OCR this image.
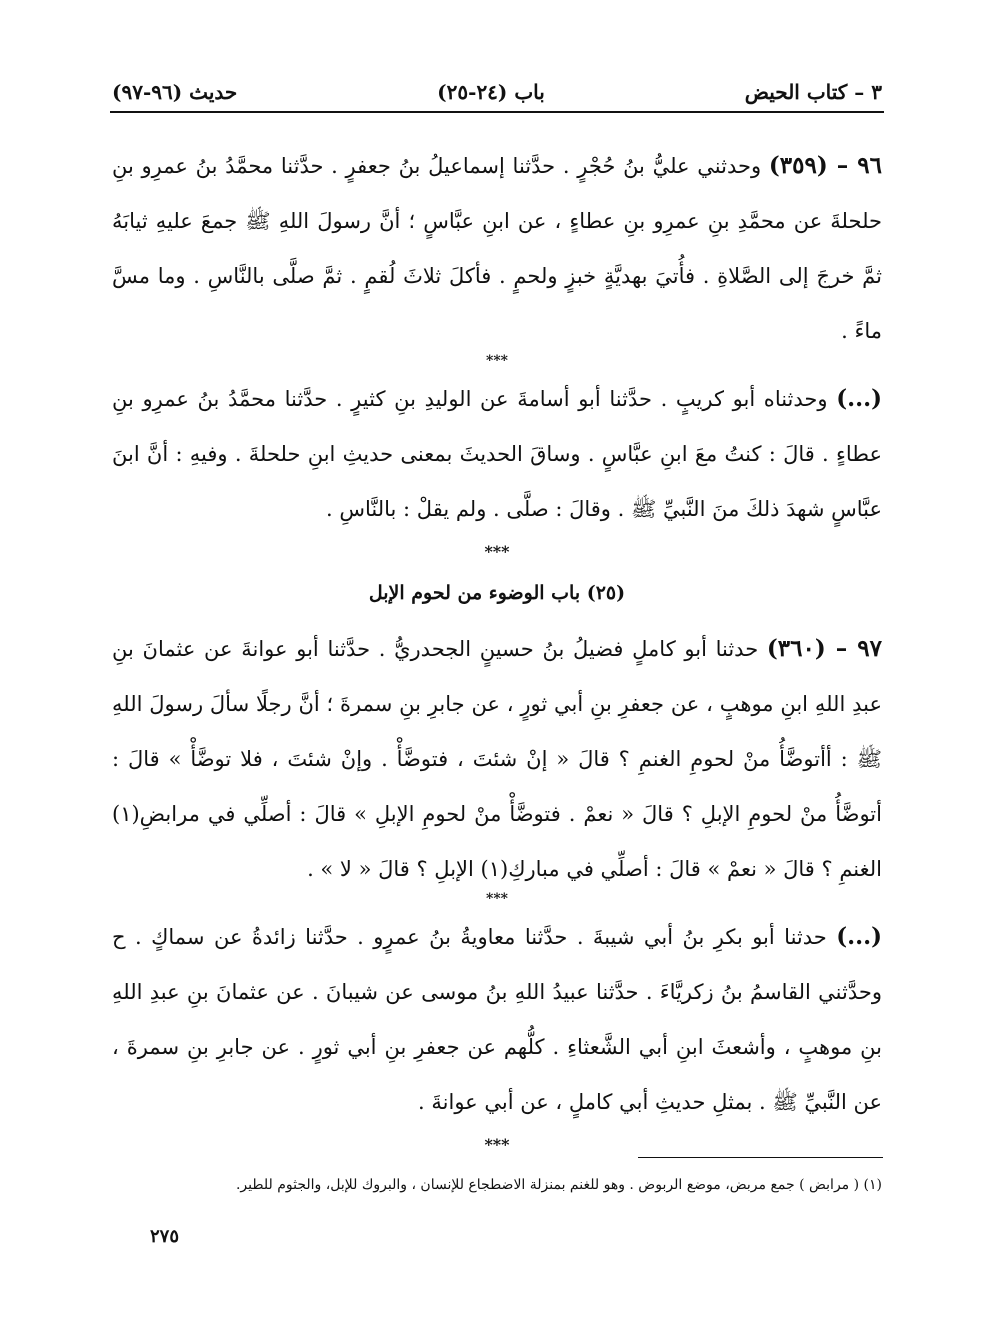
حديث (٩٦-٩٧)	باب (٢٤-٢٥)	٣ – كتاب الحيض

٩٦ – (٣٥٩) وحدثني عليُّ بنُ حُجْرٍ . حدَّثنا إسماعيلُ بنُ جعفرٍ . حدَّثنا محمَّدُ بنُ عمرِو بنِ حلحلةَ عن محمَّدِ بنِ عمرِو بنِ عطاءٍ ، عن ابنِ عبَّاسٍ ؛ أنَّ رسولَ اللهِ ﷺ جمعَ عليهِ ثيابَهُ ثمَّ خرجَ إلى الصَّلاةِ . فأُتيَ بهديَّةٍ خبزٍ ولحمٍ . فأكلَ ثلاثَ لُقمٍ . ثمَّ صلَّى بالنَّاسِ . وما مسَّ ماءً .

***

(...) وحدثناه أبو كريبٍ . حدَّثنا أبو أسامةَ عن الوليدِ بنِ كثيرٍ . حدَّثنا محمَّدُ بنُ عمرِو بنِ عطاءٍ . قالَ : كنتُ معَ ابنِ عبَّاسٍ . وساقَ الحديثَ بمعنى حديثِ ابنِ حلحلةَ . وفيهِ : أنَّ ابنَ عبَّاسٍ شهدَ ذلكَ منَ النَّبيِّ ﷺ . وقالَ : صلَّى . ولم يقلْ : بالنَّاسِ .

***
(٢٥) باب الوضوء من لحوم الإبل

٩٧ – (٣٦٠) حدثنا أبو كاملٍ فضيلُ بنُ حسينٍ الجحدريُّ . حدَّثنا أبو عوانةَ عن عثمانَ بنِ عبدِ اللهِ ابنِ موهبٍ ، عن جعفرِ بنِ أبي ثورٍ ، عن جابرِ بنِ سمرةَ ؛ أنَّ رجلًا سألَ رسولَ اللهِ ﷺ : أأتوضَّأُ منْ لحومِ الغنمِ ؟ قالَ « إنْ شئتَ ، فتوضَّأْ . وإنْ شئتَ ، فلا توضَّأْ » قالَ : أتوضَّأُ منْ لحومِ الإبلِ ؟ قالَ « نعمْ . فتوضَّأْ منْ لحومِ الإبلِ » قالَ : أصلِّي في مرابضِ(١) الغنمِ ؟ قالَ « نعمْ » قالَ : أصلِّي في مباركِ(١) الإبلِ ؟ قالَ « لا » .

***

(...) حدثنا أبو بكرِ بنُ أبي شيبةَ . حدَّثنا معاويةُ بنُ عمرٍو . حدَّثنا زائدةُ عن سماكٍ . ح وحدَّثني القاسمُ بنُ زكريَّاءَ . حدَّثنا عبيدُ اللهِ بنُ موسى عن شيبانَ . عن عثمانَ بنِ عبدِ اللهِ بنِ موهبٍ ، وأشعثَ ابنِ أبي الشَّعثاءِ . كلُّهم عن جعفرِ بنِ أبي ثورٍ . عن جابرِ بنِ سمرةَ ، عن النَّبيِّ ﷺ . بمثلِ حديثِ أبي كاملٍ ، عن أبي عوانةَ .

***
(١) ( مرابض ) جمع مربض، موضع الربوض . وهو للغنم بمنزلة الاضطجاع للإنسان ، والبروك للإبل، والجثوم للطير.
٢٧٥
